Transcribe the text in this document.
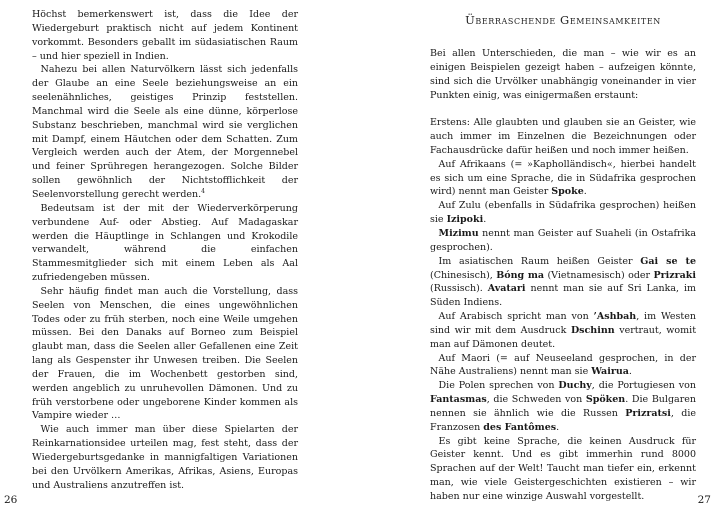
Höchst bemerkenswert ist, dass die Idee der Wiedergeburt praktisch nicht auf jedem Kontinent vorkommt. Besonders geballt im südasiatischen Raum – und hier speziell in Indien.

Nahezu bei allen Naturvölkern lässt sich jedenfalls der Glaube an eine Seele beziehungsweise an ein seelenähnliches, geistiges Prinzip feststellen. Manchmal wird die Seele als eine dünne, körperlose Substanz beschrieben, manchmal wird sie verglichen mit Dampf, einem Häutchen oder dem Schatten. Zum Vergleich werden auch der Atem, der Morgennebel und feiner Sprühregen herangezogen. Solche Bilder sollen gewöhnlich der Nichtstofflichkeit der Seelenvorstellung gerecht werden.$^4$

Bedeutsam ist der mit der Wiederverkörperung verbundene Auf- oder Abstieg. Auf Madagaskar werden die Häuptlinge in Schlangen und Krokodile verwandelt, während die einfachen Stammesmitglieder sich mit einem Leben als Aal zufriedengeben müssen.

Sehr häufig findet man auch die Vorstellung, dass Seelen von Menschen, die eines ungewöhnlichen Todes oder zu früh sterben, noch eine Weile umgehen müssen. Bei den Danaks auf Borneo zum Beispiel glaubt man, dass die Seelen aller Gefallenen eine Zeit lang als Gespenster ihr Unwesen treiben. Die Seelen der Frauen, die im Wochenbett gestorben sind, werden angeblich zu unruhevollen Dämonen. Und zu früh verstorbene oder ungeborene Kinder kommen als Vampire wieder …

Wie auch immer man über diese Spielarten der Reinkarnationsidee urteilen mag, fest steht, dass der Wiedergeburtsgedanke in mannigfaltigen Variationen bei den Urvölkern Amerikas, Afrikas, Asiens, Europas und Australiens anzutreffen ist.

26
Überraschende Gemeinsamkeiten

Bei allen Unterschieden, die man – wie wir es an einigen Beispielen gezeigt haben – aufzeigen könnte, sind sich die Urvölker unabhängig voneinander in vier Punkten einig, was einigermaßen erstaunt:

Erstens: Alle glaubten und glauben sie an Geister, wie auch immer im Einzelnen die Bezeichnungen oder Fachausdrücke dafür heißen und noch immer heißen.

Auf Afrikaans (= »Kapholländisch«, hierbei handelt es sich um eine Sprache, die in Südafrika gesprochen wird) nennt man Geister Spoke.

Auf Zulu (ebenfalls in Südafrika gesprochen) heißen sie Izipoki.

Mizimu nennt man Geister auf Suaheli (in Ostafrika gesprochen).

Im asiatischen Raum heißen Geister Gai se te (Chinesisch), Bóng ma (Vietnamesisch) oder Prizraki (Russisch). Avatari nennt man sie auf Sri Lanka, im Süden Indiens.

Auf Arabisch spricht man von ’Ashbah, im Westen sind wir mit dem Ausdruck Dschinn vertraut, womit man auf Dämonen deutet.

Auf Maori (= auf Neuseeland gesprochen, in der Nähe Australiens) nennt man sie Wairua.

Die Polen sprechen von Duchy, die Portugiesen von Fantasmas, die Schweden von Spöken. Die Bulgaren nennen sie ähnlich wie die Russen Prizratsi, die Franzosen des Fantômes.

Es gibt keine Sprache, die keinen Ausdruck für Geister kennt. Und es gibt immerhin rund 8000 Sprachen auf der Welt! Taucht man tiefer ein, erkennt man, wie viele Geistergeschichten existieren – wir haben nur eine winzige Auswahl vorgestellt.	27
